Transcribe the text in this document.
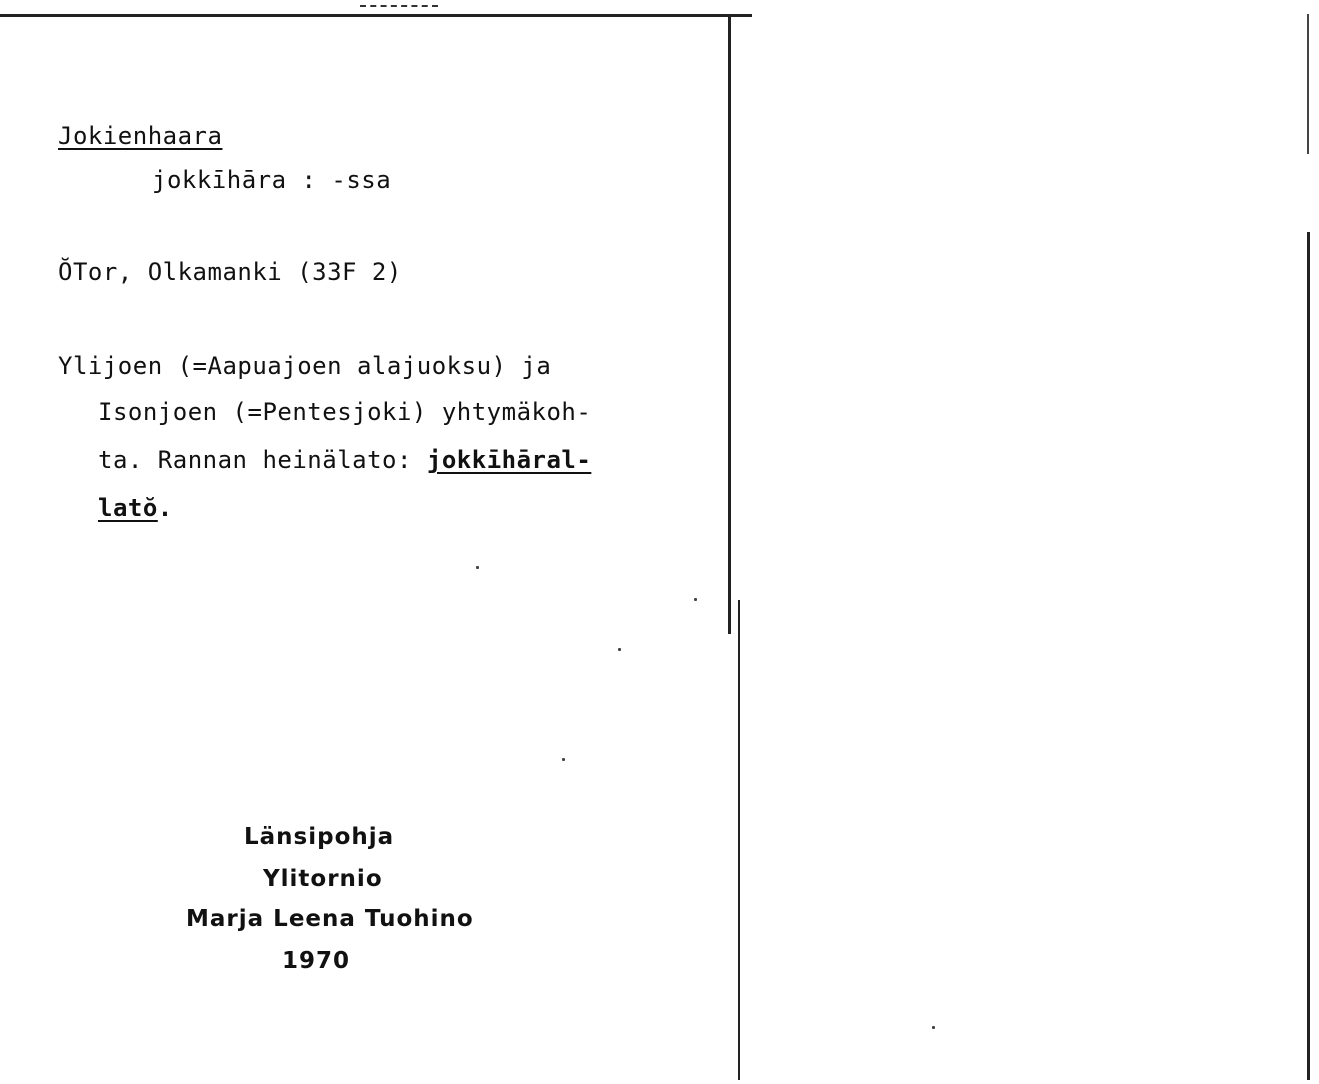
Jokienhaara
jokkīhāra : -ssa
ŎTor, Olkamanki (33F 2)
Ylijoen (=Aapuajoen alajuoksu) ja
Isonjoen (=Pentesjoki) yhtymäkoh-
ta. Rannan heinälato: jokkīhāral-
latŏ.
Länsipohja
Ylitornio
Marja Leena Tuohino
1970
